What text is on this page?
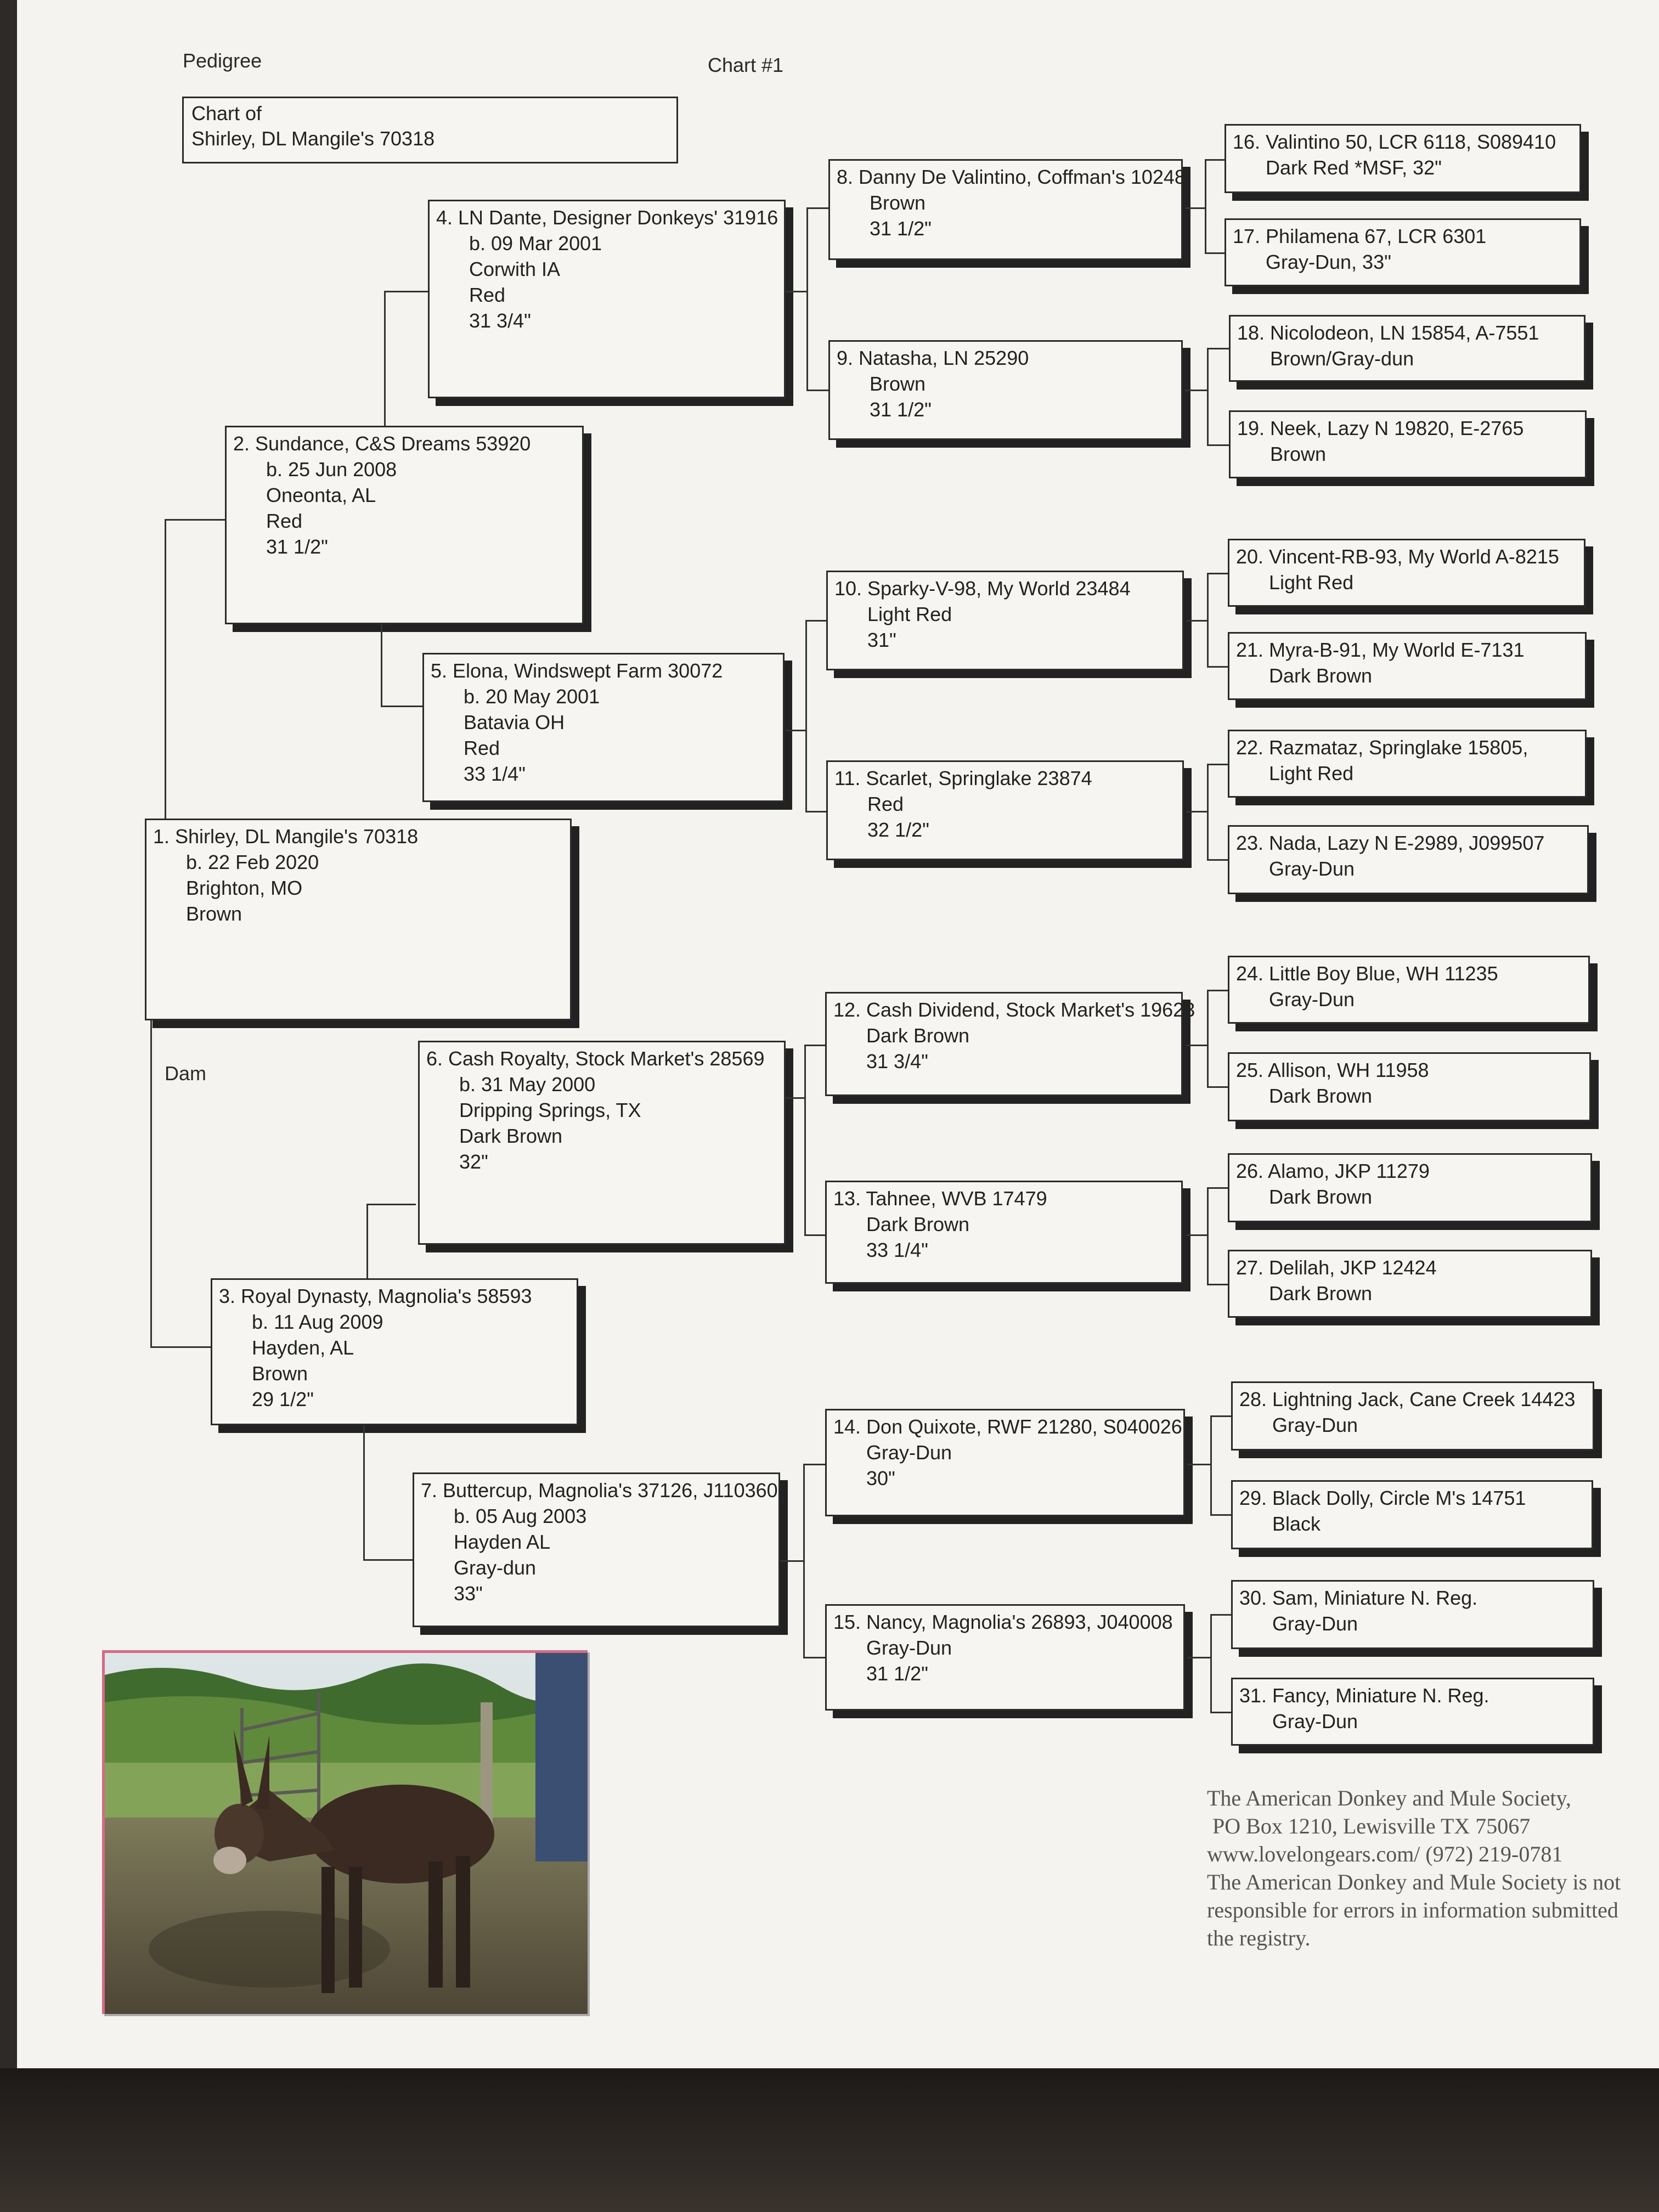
Pedigree	Chart #1
Chart of
Shirley, DL Mangile's 70318
Dam
1. Shirley, DL Mangile's 70318
b. 22 Feb 2020
Brighton, MO
Brown
2. Sundance, C&S Dreams 53920
b. 25 Jun 2008
Oneonta, AL
Red
31 1/2"
3. Royal Dynasty, Magnolia's 58593
b. 11 Aug 2009
Hayden, AL
Brown
29 1/2"
4. LN Dante, Designer Donkeys' 31916
b. 09 Mar 2001
Corwith IA
Red
31 3/4"
5. Elona, Windswept Farm 30072
b. 20 May 2001
Batavia OH
Red
33 1/4"
6. Cash Royalty, Stock Market's 28569
b. 31 May 2000
Dripping Springs, TX
Dark Brown
32"
7. Buttercup, Magnolia's 37126, J110360
b. 05 Aug 2003
Hayden AL
Gray-dun
33"
8. Danny De Valintino, Coffman's 10248
Brown
31 1/2"
9. Natasha, LN 25290
Brown
31 1/2"
10. Sparky-V-98, My World 23484
Light Red
31"
11. Scarlet, Springlake 23874
Red
32 1/2"
12. Cash Dividend, Stock Market's 19623
Dark Brown
31 3/4"
13. Tahnee, WVB 17479
Dark Brown
33 1/4"
14. Don Quixote, RWF 21280, S040026
Gray-Dun
30"
15. Nancy, Magnolia's 26893, J040008
Gray-Dun
31 1/2"
16. Valintino 50, LCR 6118, S089410
Dark Red *MSF, 32"
17. Philamena 67, LCR 6301
Gray-Dun, 33"
18. Nicolodeon, LN 15854, A-7551
Brown/Gray-dun
19. Neek, Lazy N 19820, E-2765
Brown
20. Vincent-RB-93, My World A-8215
Light Red
21. Myra-B-91, My World E-7131
Dark Brown
22. Razmataz, Springlake 15805,
Light Red
23. Nada, Lazy N E-2989, J099507
Gray-Dun
24. Little Boy Blue, WH 11235
Gray-Dun
25. Allison, WH 11958
Dark Brown
26. Alamo, JKP 11279
Dark Brown
27. Delilah, JKP 12424
Dark Brown
28. Lightning Jack, Cane Creek 14423
Gray-Dun
29. Black Dolly, Circle M's 14751
Black
30. Sam, Miniature N. Reg.
Gray-Dun
31. Fancy, Miniature N. Reg.
Gray-Dun
The American Donkey and Mule Society,
PO Box 1210, Lewisville TX 75067
www.lovelongears.com/ (972) 219-0781
The American Donkey and Mule Society is not
responsible for errors in information submitted
the registry.
